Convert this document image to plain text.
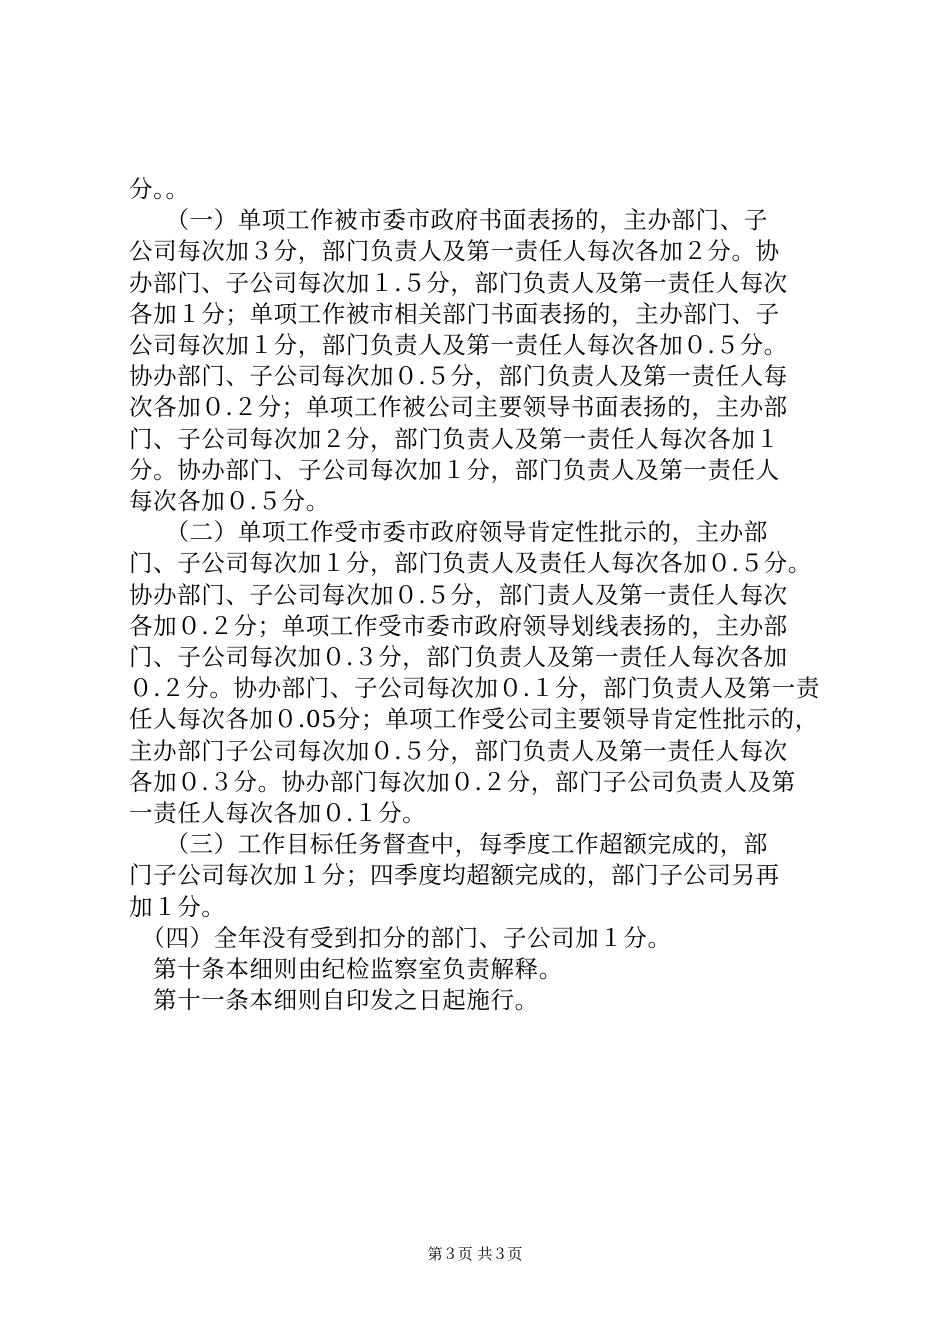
分。。
　　（一）单项工作被市委市政府书面表扬的，主办部门、子
公司每次加３分，部门负责人及第一责任人每次各加２分。协
办部门、子公司每次加１.５分，部门负责人及第一责任人每次
各加１分；单项工作被市相关部门书面表扬的，主办部门、子
公司每次加１分，部门负责人及第一责任人每次各加０.５分。
协办部门、子公司每次加０.５分，部门负责人及第一责任人每
次各加０.２分；单项工作被公司主要领导书面表扬的，主办部
门、子公司每次加２分，部门负责人及第一责任人每次各加１
分。协办部门、子公司每次加１分，部门负责人及第一责任人
每次各加０.５分。
　　（二）单项工作受市委市政府领导肯定性批示的，主办部
门、子公司每次加１分，部门负责人及责任人每次各加０.５分。
协办部门、子公司每次加０.５分，部门责人及第一责任人每次
各加０.２分；单项工作受市委市政府领导划线表扬的，主办部
门、子公司每次加０.３分，部门负责人及第一责任人每次各加
０.２分。协办部门、子公司每次加０.１分，部门负责人及第一责
任人每次各加０.05分；单项工作受公司主要领导肯定性批示的，
主办部门子公司每次加０.５分，部门负责人及第一责任人每次
各加０.３分。协办部门每次加０.２分，部门子公司负责人及第
一责任人每次各加０.１分。
　　（三）工作目标任务督查中，每季度工作超额完成的，部
门子公司每次加１分；四季度均超额完成的，部门子公司另再
加１分。
　（四）全年没有受到扣分的部门、子公司加１分。
　第十条本细则由纪检监察室负责解释。
　第十一条本细则自印发之日起施行。
第３页 共３页
